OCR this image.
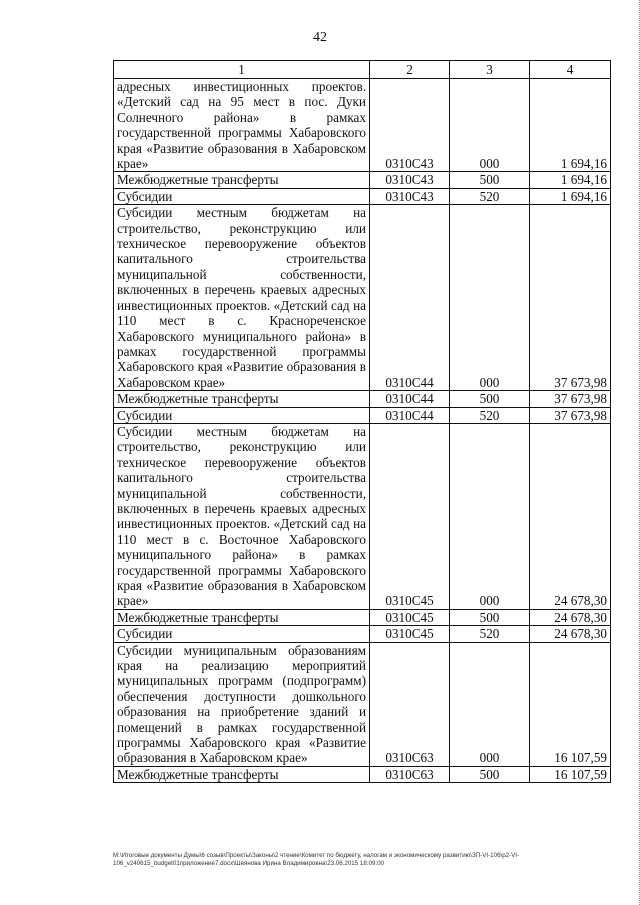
42
1	2	3	4
адресных инвестиционных проектов. «Детский сад на 95 мест в пос. Дуки Солнечного района» в рамках государственной программы Хабаровского края «Развитие образования в Хабаровском крае»	0310С43	000	1 694,16
Межбюджетные трансферты	0310С43	500	1 694,16
Субсидии	0310С43	520	1 694,16
Субсидии местным бюджетам на строительство, реконструкцию или техническое перевооружение объектов капитального строительства муниципальной собственности, включенных в перечень краевых адресных инвестиционных проектов. «Детский сад на 110 мест в с. Краснореченское Хабаровского муниципального района» в рамках государственной программы Хабаровского края «Развитие образования в Хабаровском крае»	0310С44	000	37 673,98
Межбюджетные трансферты	0310С44	500	37 673,98
Субсидии	0310С44	520	37 673,98
Субсидии местным бюджетам на строительство, реконструкцию или техническое перевооружение объектов капитального строительства муниципальной собственности, включенных в перечень краевых адресных инвестиционных проектов. «Детский сад на 110 мест в с. Восточное Хабаровского муниципального района» в рамках государственной программы Хабаровского края «Развитие образования в Хабаровском крае»	0310С45	000	24 678,30
Межбюджетные трансферты	0310С45	500	24 678,30
Субсидии	0310С45	520	24 678,30
Субсидии муниципальным образованиям края на реализацию мероприятий муниципальных программ (подпрограмм) обеспечения доступности дошкольного образования на приобретение зданий и помещений в рамках государственной программы Хабаровского края «Развитие образования в Хабаровском крае»	0310С63	000	16 107,59
Межбюджетные трансферты	0310С63	500	16 107,59
M:\Итоговые документы Думы\6 созыв\Проекты\Законы\2 чтение\Комитет по бюджету, налогам и экономическому развитию\ЗП-VI-106\р2-VI-
106_v240615_budget01приложение7.docx\Шеянова Ирина Владимировна\23.06.2015 18:09:00
